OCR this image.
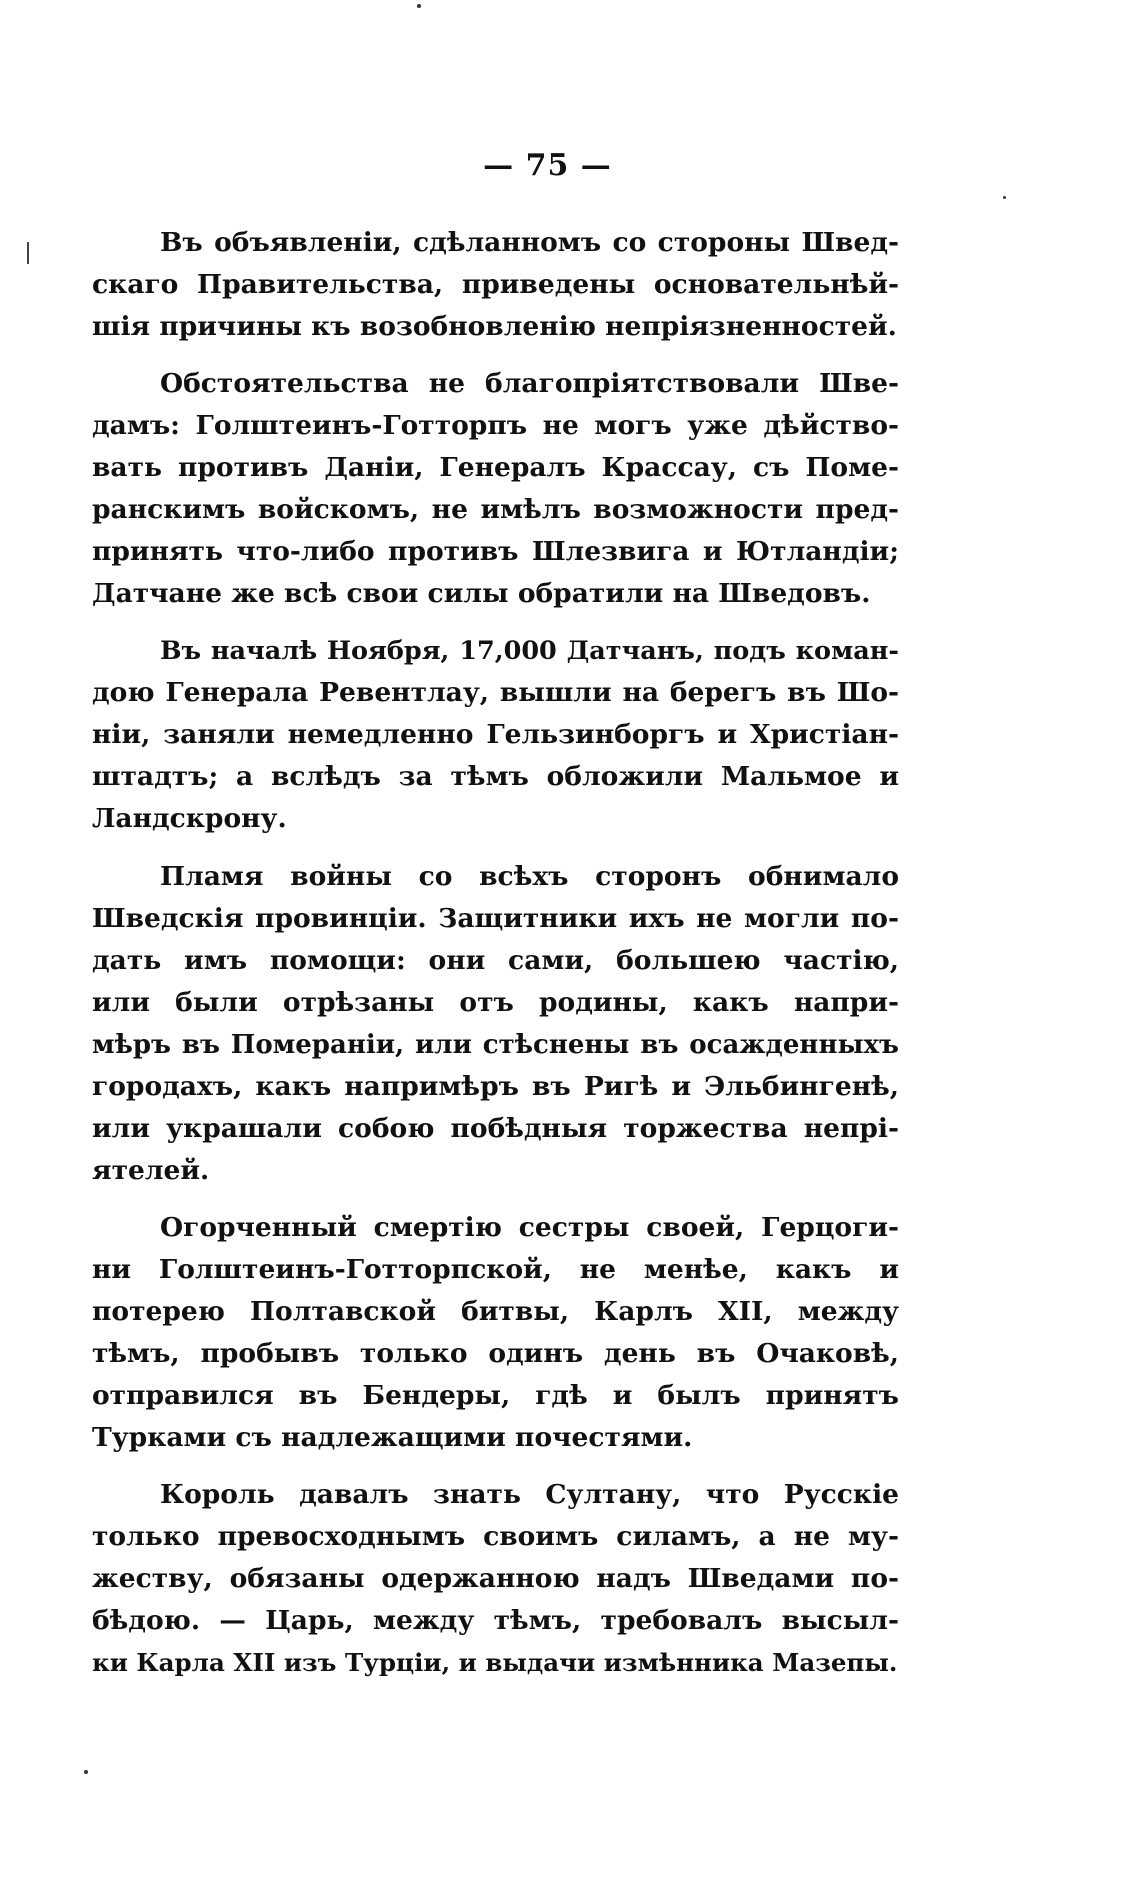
— 75 —
Въ объявленіи, сдѣланномъ со стороны Швед-
скаго Правительства, приведены основательнѣй-
шія причины къ возобновленію непріязненностей.
Обстоятельства не благопріятствовали Шве-
дамъ: Голштеинъ-Готторпъ не могъ уже дѣйство-
вать противъ Даніи, Генералъ Крассау, съ Поме-
ранскимъ войскомъ, не имѣлъ возможности пред-
принять что-либо противъ Шлезвига и Ютландіи;
Датчане же всѣ свои силы обратили на Шведовъ.
Въ началѣ Ноября, 17,000 Датчанъ, подъ коман-
дою Генерала Ревентлау, вышли на берегъ въ Шо-
ніи, заняли немедленно Гельзинборгъ и Христіан-
штадтъ; а вслѣдъ за тѣмъ обложили Мальмое и
Ландскрону.
Пламя войны со всѣхъ сторонъ обнимало
Шведскія провинціи. Защитники ихъ не могли по-
дать имъ помощи: они сами, большею частію,
или были отрѣзаны отъ родины, какъ напри-
мѣръ въ Помераніи, или стѣснены въ осажденныхъ
городахъ, какъ напримѣръ въ Ригѣ и Эльбингенѣ,
или украшали собою побѣдныя торжества непрі-
ятелей.
Огорченный смертію сестры своей, Герцоги-
ни Голштеинъ-Готторпской, не менѣе, какъ и
потерею Полтавской битвы, Карлъ XII, между
тѣмъ, пробывъ только одинъ день въ Очаковѣ,
отправился въ Бендеры, гдѣ и былъ принятъ
Турками съ надлежащими почестями.
Король давалъ знать Султану, что Русскіе
только превосходнымъ своимъ силамъ, а не му-
жеству, обязаны одержанною надъ Шведами по-
бѣдою. — Царь, между тѣмъ, требовалъ высыл-
ки Карла XII изъ Турціи, и выдачи измѣнника Мазепы.
